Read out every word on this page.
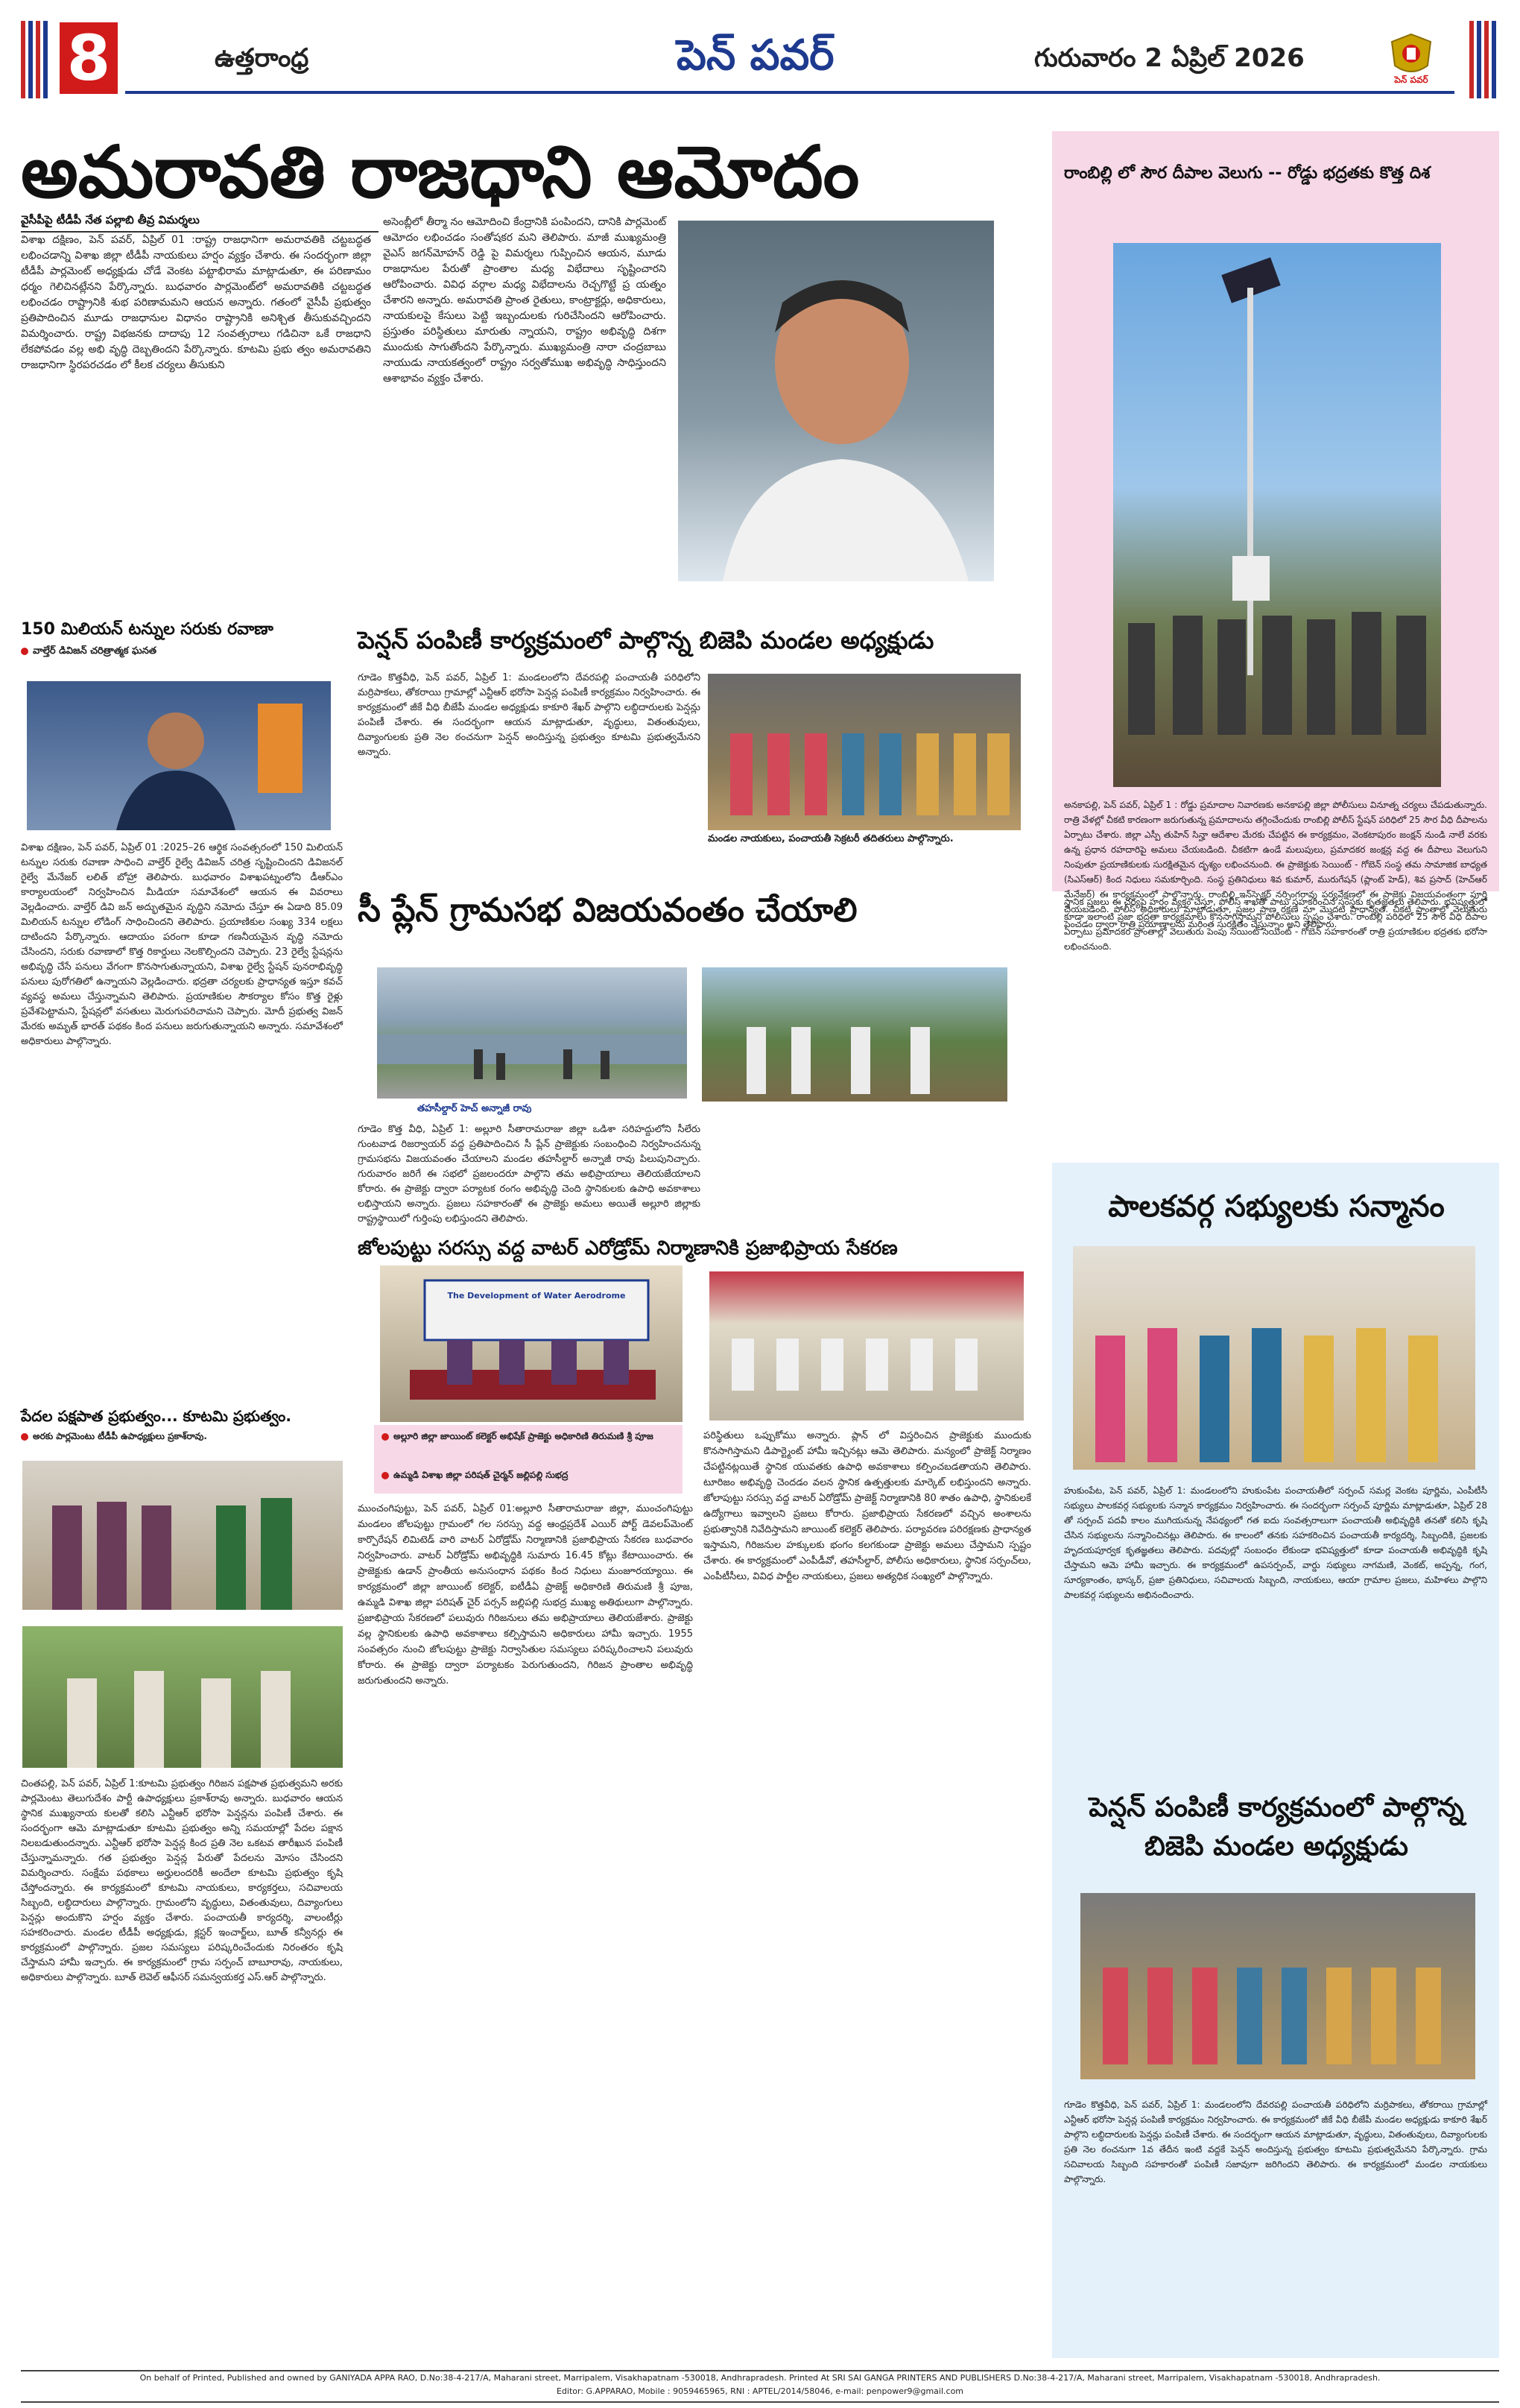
8	ఉత్తరాంధ్ర	పెన్ పవర్	గురువారం 2 ఏప్రిల్ 2026
పెన్ పవర్
అమరావతి రాజధాని ఆమోదం
వైసీపీపై టీడీపీ నేత పల్లాబి తీవ్ర విమర్శలు
విశాఖ దక్షిణం, పెన్ పవర్, ఏప్రిల్ 01 :రాష్ట్ర రాజధానిగా అమరావతికి చట్టబద్ధత లభించడాన్ని విశాఖ జిల్లా టీడీపీ నాయకులు హర్షం వ్యక్తం చేశారు. ఈ సందర్భంగా జిల్లా టీడీపీ పార్లమెంట్ అధ్యక్షుడు చోడే వెంకట పట్టాభిరామ మాట్లాడుతూ, ఈ పరిణామం ధర్మం గెలిచినట్లేనని పేర్కొన్నారు. బుధవారం పార్లమెంట్‌లో అమరావతికి చట్టబద్ధత లభించడం రాష్ట్రానికి శుభ పరిణామమని ఆయన అన్నారు. గతంలో వైసీపీ ప్రభుత్వం ప్రతిపాదించిన మూడు రాజధానుల విధానం రాష్ట్రానికి అనిశ్చిత తీసుకువచ్చిందని విమర్శించారు. రాష్ట్ర విభజనకు దాదాపు 12 సంవత్సరాలు గడిచినా ఒకే రాజధాని లేకపోవడం వల్ల అభి వృద్ధి దెబ్బతిందని పేర్కొన్నారు. కూటమి ప్రభు త్వం అమరావతిని రాజధానిగా స్థిరపరచడం లో కీలక చర్యలు తీసుకుని
అసెంబ్లీలో తీర్మా నం ఆమోదించి కేంద్రానికి పంపిందని, దానికి పార్లమెంట్ ఆమోదం లభించడం సంతోషకర మని తెలిపారు. మాజీ ముఖ్యమంత్రి వైఎస్ జగన్‌మోహన్ రెడ్డి పై విమర్శలు గుప్పించిన ఆయన, మూడు రాజధానుల పేరుతో ప్రాంతాల మధ్య విభేదాలు సృష్టించారని ఆరోపించారు. వివిధ వర్గాల మధ్య విభేదాలను రెచ్చగొట్టే ప్ర యత్నం చేశారని అన్నారు. అమరావతి ప్రాంత రైతులు, కాంట్రాక్టర్లు, అధికారులు, నాయకులపై కేసులు పెట్టి ఇబ్బందులకు గురిచేసిందని ఆరోపించారు. ప్రస్తుతం పరిస్థితులు మారుతు న్నాయని, రాష్ట్రం అభివృద్ధి దిశగా ముందుకు సాగుతోందని పేర్కొన్నారు. ముఖ్యమంత్రి నారా చంద్రబాబు నాయుడు నాయకత్వంలో రాష్ట్రం సర్వతోముఖ అభివృద్ధి సాధిస్తుందని ఆశాభావం వ్యక్తం చేశారు.
రాంబిల్లి లో సౌర దీపాల వెలుగు -- రోడ్డు భద్రతకు కొత్త దిశ
అనకాపల్లి, పెన్ పవర్, ఏప్రిల్ 1 : రోడ్డు ప్రమాదాల నివారణకు అనకాపల్లి జిల్లా పోలీసులు వినూత్న చర్యలు చేపడుతున్నారు. రాత్రి వేళల్లో చీకటి కారణంగా జరుగుతున్న ప్రమాదాలను తగ్గించేందుకు రాంబిల్లి పోలీస్ స్టేషన్ పరిధిలో 25 సౌర వీధి దీపాలను ఏర్పాటు చేశారు. జిల్లా ఎస్పీ తుహిన్ సిన్హా ఆదేశాల మేరకు చేపట్టిన ఈ కార్యక్రమం, వెంకటాపురం జంక్షన్ నుండి నాలే వరకు ఉన్న ప్రధాన రహదారిపై అమలు చేయబడింది. చీకటిగా ఉండే మలుపులు, ప్రమాదకర జంక్షన్ల వద్ద ఈ దీపాలు వెలుగుని నింపుతూ ప్రయాణికులకు సురక్షితమైన దృశ్యం లభించనుంది. ఈ ప్రాజెక్టుకు సెయింట్ - గోబెన్ సంస్థ తమ సామాజిక బాధ్యత (సిఎస్ఆర్) కింద నిధులు సమకూర్చింది. సంస్థ ప్రతినిధులు శివ కుమార్, మురుగేషన్ (ప్లాంట్ హెడ్), శివ ప్రసాద్ (హెచ్ఆర్ మేనేజర్) ఈ కార్యక్రమంలో పాల్గొన్నారు. రాంబిల్లి ఇన్‌స్పెక్టర్ నర్సింగరావు పర్యవేక్షణలో ఈ ప్రాజెక్టు విజయవంతంగా పూర్తి చేయబడింది. పోలీస్ అధికారులు మాట్లాడుతూ, ప్రజల ప్రాణ రక్షణే మా మొదటి ప్రాధాన్యత. చీకటి ప్రాంతాల్లో వెలుతురు పెంచడం ద్వారా రాత్రి ప్రయాణాలను మరింత సురక్షితం చేస్తున్నాం అని తెలిపారు.
స్థానిక ప్రజలు ఈ చర్యపై హర్షం వ్యక్తం చేస్తూ, పోలీస్ శాఖతో పాటు సహకరించిన సంస్థకు కృతజ్ఞతలు తెలిపారు. భవిష్యత్తులో కూడా ఇలాంటి ప్రజా భద్రతా కార్యక్రమాలు కొనసాగిస్తామని పోలీసులు స్పష్టం చేశారు. రాంబిల్లి పరిధిలో 25 సౌర వీధి దీపాల ఏర్పాటు ప్రమాదకర ప్రాంతాల్లో వెలుతురు పెంపు సెయింట్ సెయింట్ - గోబెన్ సహకారంతో రాత్రి ప్రయాణికుల భద్రతకు భరోసా లభించనుంది.
150 మిలియన్ టన్నుల సరుకు రవాణా
వాల్తేర్ డివిజన్ చరిత్రాత్మక ఘనత
విశాఖ దక్షిణం, పెన్ పవర్, ఏప్రిల్ 01 :2025–26 ఆర్థిక సంవత్సరంలో 150 మిలియన్ టన్నుల సరుకు రవాణా సాధించి వాల్తేర్ రైల్వే డివిజన్ చరిత్ర సృష్టించిందని డివిజనల్ రైల్వే మేనేజర్ లలిత్ బోహ్రా తెలిపారు. బుధవారం విశాఖపట్నంలోని డీఆర్ఎం కార్యాలయంలో నిర్వహించిన మీడియా సమావేశంలో ఆయన ఈ వివరాలు వెల్లడించారు. వాల్తేర్ డివి జన్ అద్భుతమైన వృద్ధిని నమోదు చేస్తూ ఈ ఏడాది 85.09 మిలియన్ టన్నుల లోడింగ్ సాధించిందని తెలిపారు. ప్రయాణికుల సంఖ్య 334 లక్షలు దాటిందని పేర్కొన్నారు. ఆదాయం పరంగా కూడా గణనీయమైన వృద్ధి నమోదు చేసిందని, సరుకు రవాణాలో కొత్త రికార్డులు నెలకొల్పిందని చెప్పారు. 23 రైల్వే స్టేషన్లను అభివృద్ధి చేసే పనులు వేగంగా కొనసాగుతున్నాయని, విశాఖ రైల్వే స్టేషన్ పునరాభివృద్ధి పనులు పురోగతిలో ఉన్నాయని వెల్లడించారు. భద్రతా చర్యలకు ప్రాధాన్యత ఇస్తూ కవచ్ వ్యవస్థ అమలు చేస్తున్నామని తెలిపారు. ప్రయాణికుల సౌకర్యాల కోసం కొత్త రైళ్లు ప్రవేశపెట్టామని, స్టేషన్లలో వసతులు మెరుగుపరిచామని చెప్పారు. మోదీ ప్రభుత్వ విజన్ మేరకు అమృత్ భారత్ పథకం కింద పనులు జరుగుతున్నాయని అన్నారు. సమావేశంలో అధికారులు పాల్గొన్నారు.
పేదల పక్షపాత ప్రభుత్వం... కూటమి ప్రభుత్వం.
అరకు పార్లమెంటు టీడీపీ ఉపాధ్యక్షులు ప్రకాశ్‌రావు.
చింతపల్లి, పెన్ పవర్, ఏప్రిల్ 1:కూటమి ప్రభుత్వం గిరిజన పక్షపాత ప్రభుత్వమని అరకు పార్లమెంటు తెలుగుదేశం పార్టీ ఉపాధ్యక్షులు ప్రకాశ్‌రావు అన్నారు. బుధవారం ఆయన స్థానిక ముఖ్యనాయ కులతో కలిసి ఎన్టీఆర్ భరోసా పెన్షన్లను పంపిణీ చేశారు. ఈ సందర్భంగా ఆమె మాట్లాడుతూ కూటమి ప్రభుత్వం అన్ని సమయాల్లో పేదల పక్షాన నిలబడుతుందన్నారు. ఎన్టీఆర్ భరోసా పెన్షన్ల కింద ప్రతి నెల ఒకటవ తారీఖున పంపిణీ చేస్తున్నామన్నారు. గత ప్రభుత్వం పెన్షన్ల పేరుతో పేదలను మోసం చేసిందని విమర్శించారు. సంక్షేమ పథకాలు అర్హులందరికీ అందేలా కూటమి ప్రభుత్వం కృషి చేస్తోందన్నారు. ఈ కార్యక్రమంలో కూటమి నాయకులు, కార్యకర్తలు, సచివాలయ సిబ్బంది, లబ్ధిదారులు పాల్గొన్నారు. గ్రామంలోని వృద్ధులు, వితంతువులు, దివ్యాంగులు పెన్షన్లు అందుకొని హర్షం వ్యక్తం చేశారు. పంచాయతీ కార్యదర్శి, వాలంటీర్లు సహకరించారు. మండల టీడీపీ అధ్యక్షుడు, క్లస్టర్ ఇంచార్జ్‌లు, బూత్ కన్వీనర్లు ఈ కార్యక్రమంలో పాల్గొన్నారు. ప్రజల సమస్యలు పరిష్కరించేందుకు నిరంతరం కృషి చేస్తామని హామీ ఇచ్చారు. ఈ కార్యక్రమంలో గ్రామ సర్పంచ్ బాబూరావు, నాయకులు, అధికారులు పాల్గొన్నారు. బూత్ లెవెల్ ఆఫీసర్ సమన్వయకర్త ఎస్.ఆర్ పాల్గొన్నారు.
పెన్షన్ పంపిణీ కార్యక్రమంలో పాల్గొన్న బిజెపి మండల అధ్యక్షుడు
గూడెం కొత్తవీధి, పెన్ పవర్, ఏప్రిల్ 1: మండలంలోని దేవరపల్లి పంచాయతీ పరిధిలోని మర్రిపాకలు, తోకరాయి గ్రామాల్లో ఎన్టీఆర్ భరోసా పెన్షన్ల పంపిణీ కార్యక్రమం నిర్వహించారు. ఈ కార్యక్రమంలో జీకే వీధి బీజేపీ మండల అధ్యక్షుడు కాకూరి శేఖర్ పాల్గొని లబ్ధిదారులకు పెన్షన్లు పంపిణీ చేశారు. ఈ సందర్భంగా ఆయన మాట్లాడుతూ, వృద్ధులు, వితంతువులు, దివ్యాంగులకు ప్రతి నెల ఠంచనుగా పెన్షన్ అందిస్తున్న ప్రభుత్వం కూటమి ప్రభుత్వమేనని అన్నారు.
మండల నాయకులు, పంచాయతీ సెక్రటరీ తదితరులు పాల్గొన్నారు.
సీ ప్లేన్ గ్రామసభ విజయవంతం చేయాలి
తహసీల్దార్ హెచ్ అన్నాజీ రావు
గూడెం కొత్త వీధి, ఏప్రిల్ 1: అల్లూరి సీతారామరాజు జిల్లా ఒడిశా సరిహద్దులోని సీలేరు గుంటవాడ రిజర్వాయర్ వద్ద ప్రతిపాదించిన సీ ప్లేన్ ప్రాజెక్టుకు సంబంధించి నిర్వహించనున్న గ్రామసభను విజయవంతం చేయాలని మండల తహసీల్దార్ అన్నాజీ రావు పిలుపునిచ్చారు. గురువారం జరిగే ఈ సభలో ప్రజలందరూ పాల్గొని తమ అభిప్రాయాలు తెలియజేయాలని కోరారు. ఈ ప్రాజెక్టు ద్వారా పర్యాటక రంగం అభివృద్ధి చెంది స్థానికులకు ఉపాధి అవకాశాలు లభిస్తాయని అన్నారు. ప్రజలు సహకారంతో ఈ ప్రాజెక్టు అమలు అయితే అల్లూరి జిల్లాకు రాష్ట్రస్థాయిలో గుర్తింపు లభిస్తుందని తెలిపారు.
జోలపుట్టు సరస్సు వద్ద వాటర్ ఎరోడ్రోమ్ నిర్మాణానికి ప్రజాభిప్రాయ సేకరణ
The Development of Water Aerodrome
అల్లూరి జిల్లా జాయింట్ కలెక్టర్ అభిషేక్ ప్రాజెక్టు అధికారిణి తిరుమణి శ్రీ పూజ
ఉమ్మడి విశాఖ జిల్లా పరిషత్ చైర్మన్ జల్లిపల్లి సుభద్ర
ముంచంగిపుట్టు, పెన్ పవర్, ఏప్రిల్ 01:అల్లూరి సీతారామరాజు జిల్లా, ముంచంగిపుట్టు మండలం జోలపుట్టు గ్రామంలో గల సరస్సు వద్ద ఆంధ్రప్రదేశ్ ఎయిర్ పోర్ట్ డెవలప్‌మెంట్ కార్పొరేషన్ లిమిటెడ్ వారి వాటర్ ఏరోడ్రోమ్ నిర్మాణానికి ప్రజాభిప్రాయ సేకరణ బుధవారం నిర్వహించారు. వాటర్ ఏరోడ్రోమ్ అభివృద్ధికి సుమారు 16.45 కోట్లు కేటాయించారు. ఈ ప్రాజెక్టుకు ఉడాన్ ప్రాంతీయ అనుసంధాన పథకం కింద నిధులు మంజూరయ్యాయి. ఈ కార్యక్రమంలో జిల్లా జాయింట్ కలెక్టర్, ఐటీడీఏ ప్రాజెక్ట్ అధికారిణి తిరుమణి శ్రీ పూజ, ఉమ్మడి విశాఖ జిల్లా పరిషత్ చైర్ పర్సన్ జల్లిపల్లి సుభద్ర ముఖ్య అతిథులుగా పాల్గొన్నారు. ప్రజాభిప్రాయ సేకరణలో పలువురు గిరిజనులు తమ అభిప్రాయాలు తెలియజేశారు. ప్రాజెక్టు వల్ల స్థానికులకు ఉపాధి అవకాశాలు కల్పిస్తామని అధికారులు హామీ ఇచ్చారు. 1955 సంవత్సరం నుంచి జోలపుట్టు ప్రాజెక్టు నిర్వాసితుల సమస్యలు పరిష్కరించాలని పలువురు కోరారు. ఈ ప్రాజెక్టు ద్వారా పర్యాటకం పెరుగుతుందని, గిరిజన ప్రాంతాల అభివృద్ధి జరుగుతుందని అన్నారు.
పరిస్థితులు ఒప్పుకోము అన్నారు. ప్లాన్ లో విస్తరించిన ప్రాజెక్టుకు ముందుకు కొనసాగిస్తామని డిపార్ట్మెంట్ హామీ ఇచ్చినట్లు ఆమె తెలిపారు. మన్యంలో ప్రాజెక్ట్ నిర్మాణం చేపట్టినట్లయితే స్థానిక యువతకు ఉపాధి అవకాశాలు కల్పించబడతాయని తెలిపారు. టూరిజం అభివృద్ధి చెందడం వలన స్థానిక ఉత్పత్తులకు మార్కెట్ లభిస్తుందని అన్నారు. జోలాపుట్టు సరస్సు వద్ద వాటర్ ఏరోడ్రోమ్ ప్రాజెక్ట్ నిర్మాణానికి 80 శాతం ఉపాధి, స్థానికులకే ఉద్యోగాలు ఇవ్వాలని ప్రజలు కోరారు. ప్రజాభిప్రాయ సేకరణలో వచ్చిన అంశాలను ప్రభుత్వానికి నివేదిస్తామని జాయింట్ కలెక్టర్ తెలిపారు. పర్యావరణ పరిరక్షణకు ప్రాధాన్యత ఇస్తామని, గిరిజనుల హక్కులకు భంగం కలగకుండా ప్రాజెక్టు అమలు చేస్తామని స్పష్టం చేశారు. ఈ కార్యక్రమంలో ఎంపీడీవో, తహసీల్దార్, పోలీసు అధికారులు, స్థానిక సర్పంచ్‌లు, ఎంపీటీసీలు, వివిధ పార్టీల నాయకులు, ప్రజలు అత్యధిక సంఖ్యలో పాల్గొన్నారు.
పాలకవర్గ సభ్యులకు సన్మానం
హుకుంపేట, పెన్ పవర్, ఏప్రిల్ 1: మండలంలోని హుకుంపేట పంచాయతీలో సర్పంచ్ సమర్ల వెంకట పూర్ణిమ, ఎంపీటీసీ సభ్యులు పాలకవర్గ సభ్యులకు సన్మాన కార్యక్రమం నిర్వహించారు. ఈ సందర్భంగా సర్పంచ్ పూర్ణిమ మాట్లాడుతూ, ఏప్రిల్ 28 తో సర్పంచ్ పదవీ కాలం ముగియనున్న నేపథ్యంలో గత ఐదు సంవత్సరాలుగా పంచాయతీ అభివృద్ధికి తనతో కలిసి కృషి చేసిన సభ్యులను సన్మానించినట్లు తెలిపారు. ఈ కాలంలో తనకు సహకరించిన పంచాయతీ కార్యదర్శి, సిబ్బందికి, ప్రజలకు హృదయపూర్వక కృతజ్ఞతలు తెలిపారు. పదవుల్లో సంబంధం లేకుండా భవిష్యత్తులో కూడా పంచాయతీ అభివృద్ధికి కృషి చేస్తామని ఆమె హామీ ఇచ్చారు. ఈ కార్యక్రమంలో ఉపసర్పంచ్, వార్డు సభ్యులు నాగమణి, వెంకట్, అప్పన్న, గంగ, సూర్యకాంతం, భాస్కర్, ప్రజా ప్రతినిధులు, సచివాలయ సిబ్బంది, నాయకులు, ఆయా గ్రామాల ప్రజలు, మహిళలు పాల్గొని పాలకవర్గ సభ్యులను అభినందించారు.
పెన్షన్ పంపిణీ కార్యక్రమంలో పాల్గొన్న బిజెపి మండల అధ్యక్షుడు
గూడెం కొత్తవీధి, పెన్ పవర్, ఏప్రిల్ 1: మండలంలోని దేవరపల్లి పంచాయతీ పరిధిలోని మర్రిపాకలు, తోకరాయి గ్రామాల్లో ఎన్టీఆర్ భరోసా పెన్షన్ల పంపిణీ కార్యక్రమం నిర్వహించారు. ఈ కార్యక్రమంలో జీకే వీధి బీజేపీ మండల అధ్యక్షుడు కాకూరి శేఖర్ పాల్గొని లబ్ధిదారులకు పెన్షన్లు పంపిణీ చేశారు. ఈ సందర్భంగా ఆయన మాట్లాడుతూ, వృద్ధులు, వితంతువులు, దివ్యాంగులకు ప్రతి నెల ఠంచనుగా 1వ తేదీన ఇంటి వద్దకే పెన్షన్ అందిస్తున్న ప్రభుత్వం కూటమి ప్రభుత్వమేనని పేర్కొన్నారు. గ్రామ సచివాలయ సిబ్బంది సహకారంతో పంపిణీ సజావుగా జరిగిందని తెలిపారు. ఈ కార్యక్రమంలో మండల నాయకులు పాల్గొన్నారు.
On behalf of Printed, Published and owned by GANIYADA APPA RAO, D.No:38-4-217/A, Maharani street, Marripalem, Visakhapatnam -530018, Andhrapradesh. Printed At SRI SAI GANGA PRINTERS AND PUBLISHERS D.No:38-4-217/A, Maharani street, Marripalem, Visakhapatnam -530018, Andhrapradesh.
Editor: G.APPARAO, Mobile : 9059465965, RNI : APTEL/2014/58046, e-mail: penpower9@gmail.com
